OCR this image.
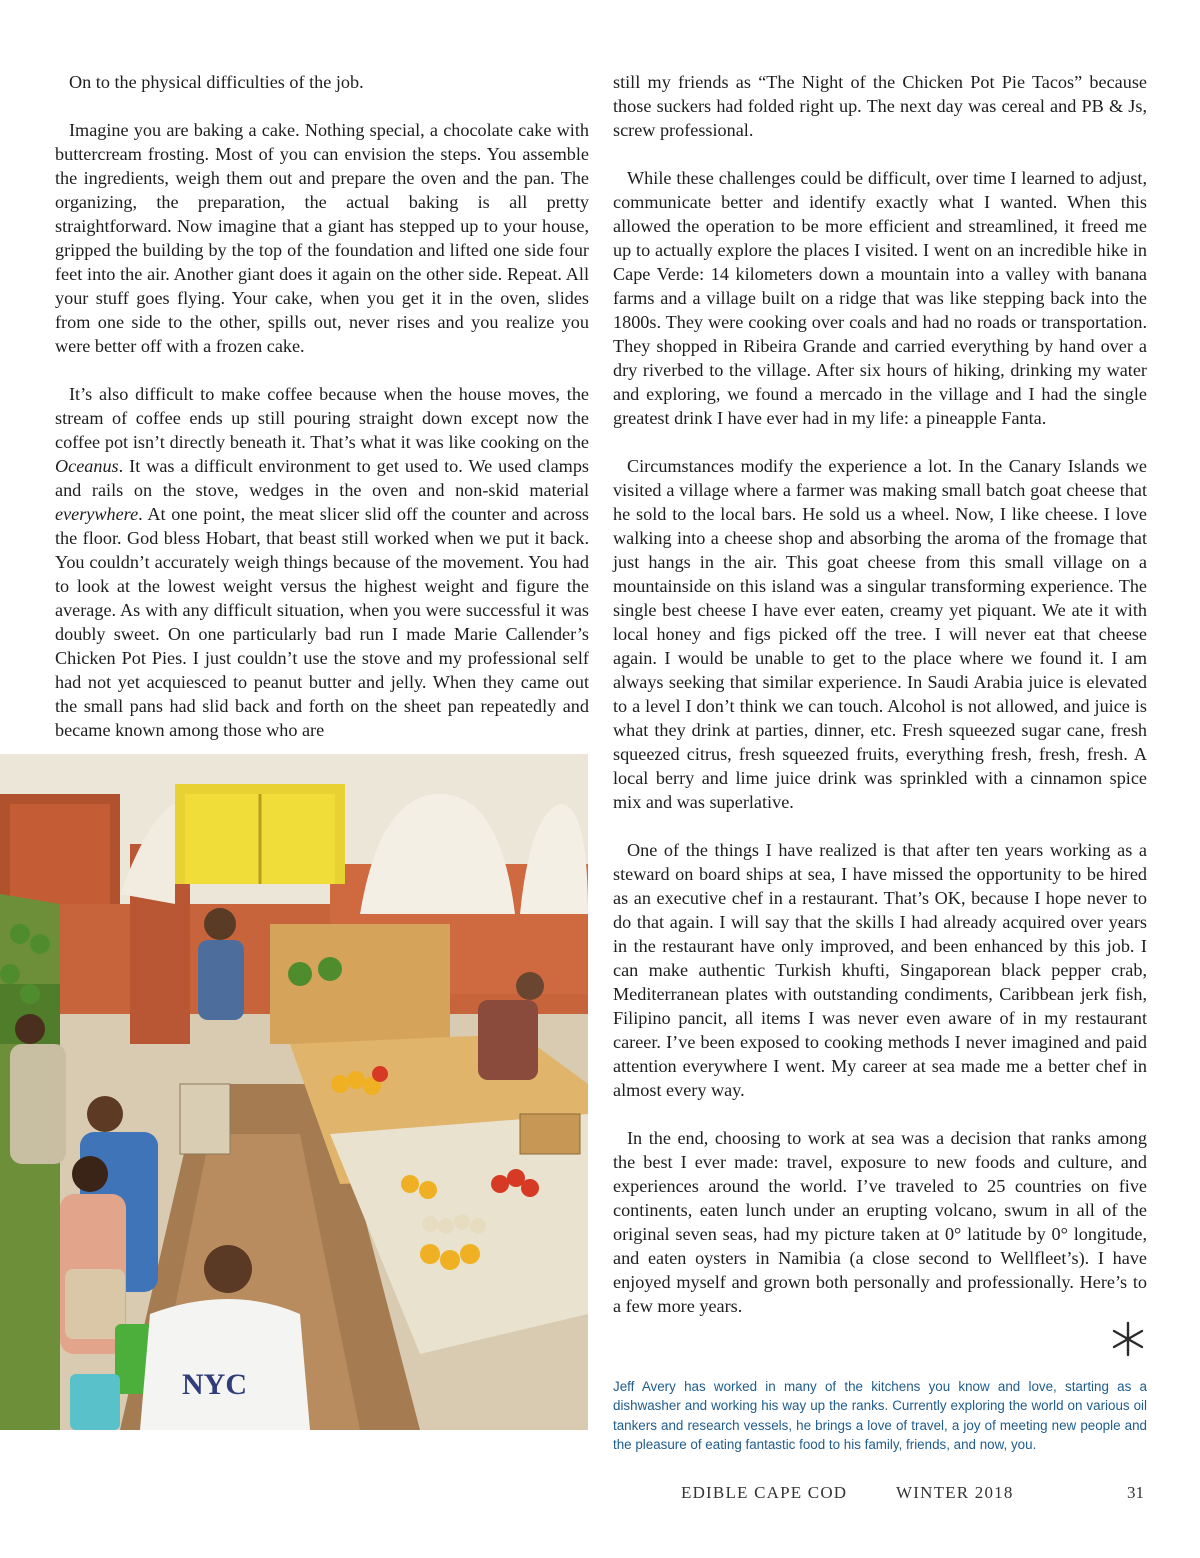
On to the physical difficulties of the job.

Imagine you are baking a cake. Nothing special, a chocolate cake with buttercream frosting. Most of you can envision the steps. You assemble the ingredients, weigh them out and prepare the oven and the pan. The organizing, the preparation, the actual baking is all pretty straightforward. Now imagine that a giant has stepped up to your house, gripped the building by the top of the foundation and lifted one side four feet into the air. Another giant does it again on the other side. Repeat. All your stuff goes flying. Your cake, when you get it in the oven, slides from one side to the other, spills out, never rises and you realize you were better off with a frozen cake.

It’s also difficult to make coffee because when the house moves, the stream of coffee ends up still pouring straight down except now the coffee pot isn’t directly beneath it. That’s what it was like cooking on the Oceanus. It was a difficult environment to get used to. We used clamps and rails on the stove, wedges in the oven and non-skid material everywhere. At one point, the meat slicer slid off the counter and across the floor. God bless Hobart, that beast still worked when we put it back. You couldn’t accurately weigh things because of the movement. You had to look at the lowest weight versus the highest weight and figure the average. As with any difficult situation, when you were successful it was doubly sweet. On one particularly bad run I made Marie Callender’s Chicken Pot Pies. I just couldn’t use the stove and my professional self had not yet acquiesced to peanut butter and jelly. When they came out the small pans had slid back and forth on the sheet pan repeatedly and became known among those who are

still my friends as “The Night of the Chicken Pot Pie Tacos” because those suckers had folded right up. The next day was cereal and PB & Js, screw professional.

While these challenges could be difficult, over time I learned to adjust, communicate better and identify exactly what I wanted. When this allowed the operation to be more efficient and streamlined, it freed me up to actually explore the places I visited. I went on an incredible hike in Cape Verde: 14 kilometers down a mountain into a valley with banana farms and a village built on a ridge that was like stepping back into the 1800s. They were cooking over coals and had no roads or transportation. They shopped in Ribeira Grande and carried everything by hand over a dry riverbed to the village. After six hours of hiking, drinking my water and exploring, we found a mercado in the village and I had the single greatest drink I have ever had in my life: a pineapple Fanta.

Circumstances modify the experience a lot. In the Canary Islands we visited a village where a farmer was making small batch goat cheese that he sold to the local bars. He sold us a wheel. Now, I like cheese. I love walking into a cheese shop and absorbing the aroma of the fromage that just hangs in the air. This goat cheese from this small village on a mountainside on this island was a singular transforming experience. The single best cheese I have ever eaten, creamy yet piquant. We ate it with local honey and figs picked off the tree. I will never eat that cheese again. I would be unable to get to the place where we found it. I am always seeking that similar experience. In Saudi Arabia juice is elevated to a level I don’t think we can touch. Alcohol is not allowed, and juice is what they drink at parties, dinner, etc. Fresh squeezed sugar cane, fresh squeezed citrus, fresh squeezed fruits, everything fresh, fresh, fresh. A local berry and lime juice drink was sprinkled with a cinnamon spice mix and was superlative.

One of the things I have realized is that after ten years working as a steward on board ships at sea, I have missed the opportunity to be hired as an executive chef in a restaurant. That’s OK, because I hope never to do that again. I will say that the skills I had already acquired over years in the restaurant have only improved, and been enhanced by this job. I can make authentic Turkish khufti, Singaporean black pepper crab, Mediterranean plates with outstanding condiments, Caribbean jerk fish, Filipino pancit, all items I was never even aware of in my restaurant career. I’ve been exposed to cooking methods I never imagined and paid attention everywhere I went. My career at sea made me a better chef in almost every way.

In the end, choosing to work at sea was a decision that ranks among the best I ever made: travel, exposure to new foods and culture, and experiences around the world. I’ve traveled to 25 countries on five continents, eaten lunch under an erupting volcano, swum in all of the original seven seas, had my picture taken at 0° latitude by 0° longitude, and eaten oysters in Namibia (a close second to Wellfleet’s). I have enjoyed myself and grown both personally and professionally. Here’s to a few more years.

NYC	Jeff Avery has worked in many of the kitchens you know and love, starting as a dishwasher and working his way up the ranks. Currently exploring the world on various oil tankers and research vessels, he brings a love of travel, a joy of meeting new people and the pleasure of eating fantastic food to his family, friends, and now, you.

EDIBLE CAPE COD	WINTER 2018	31
